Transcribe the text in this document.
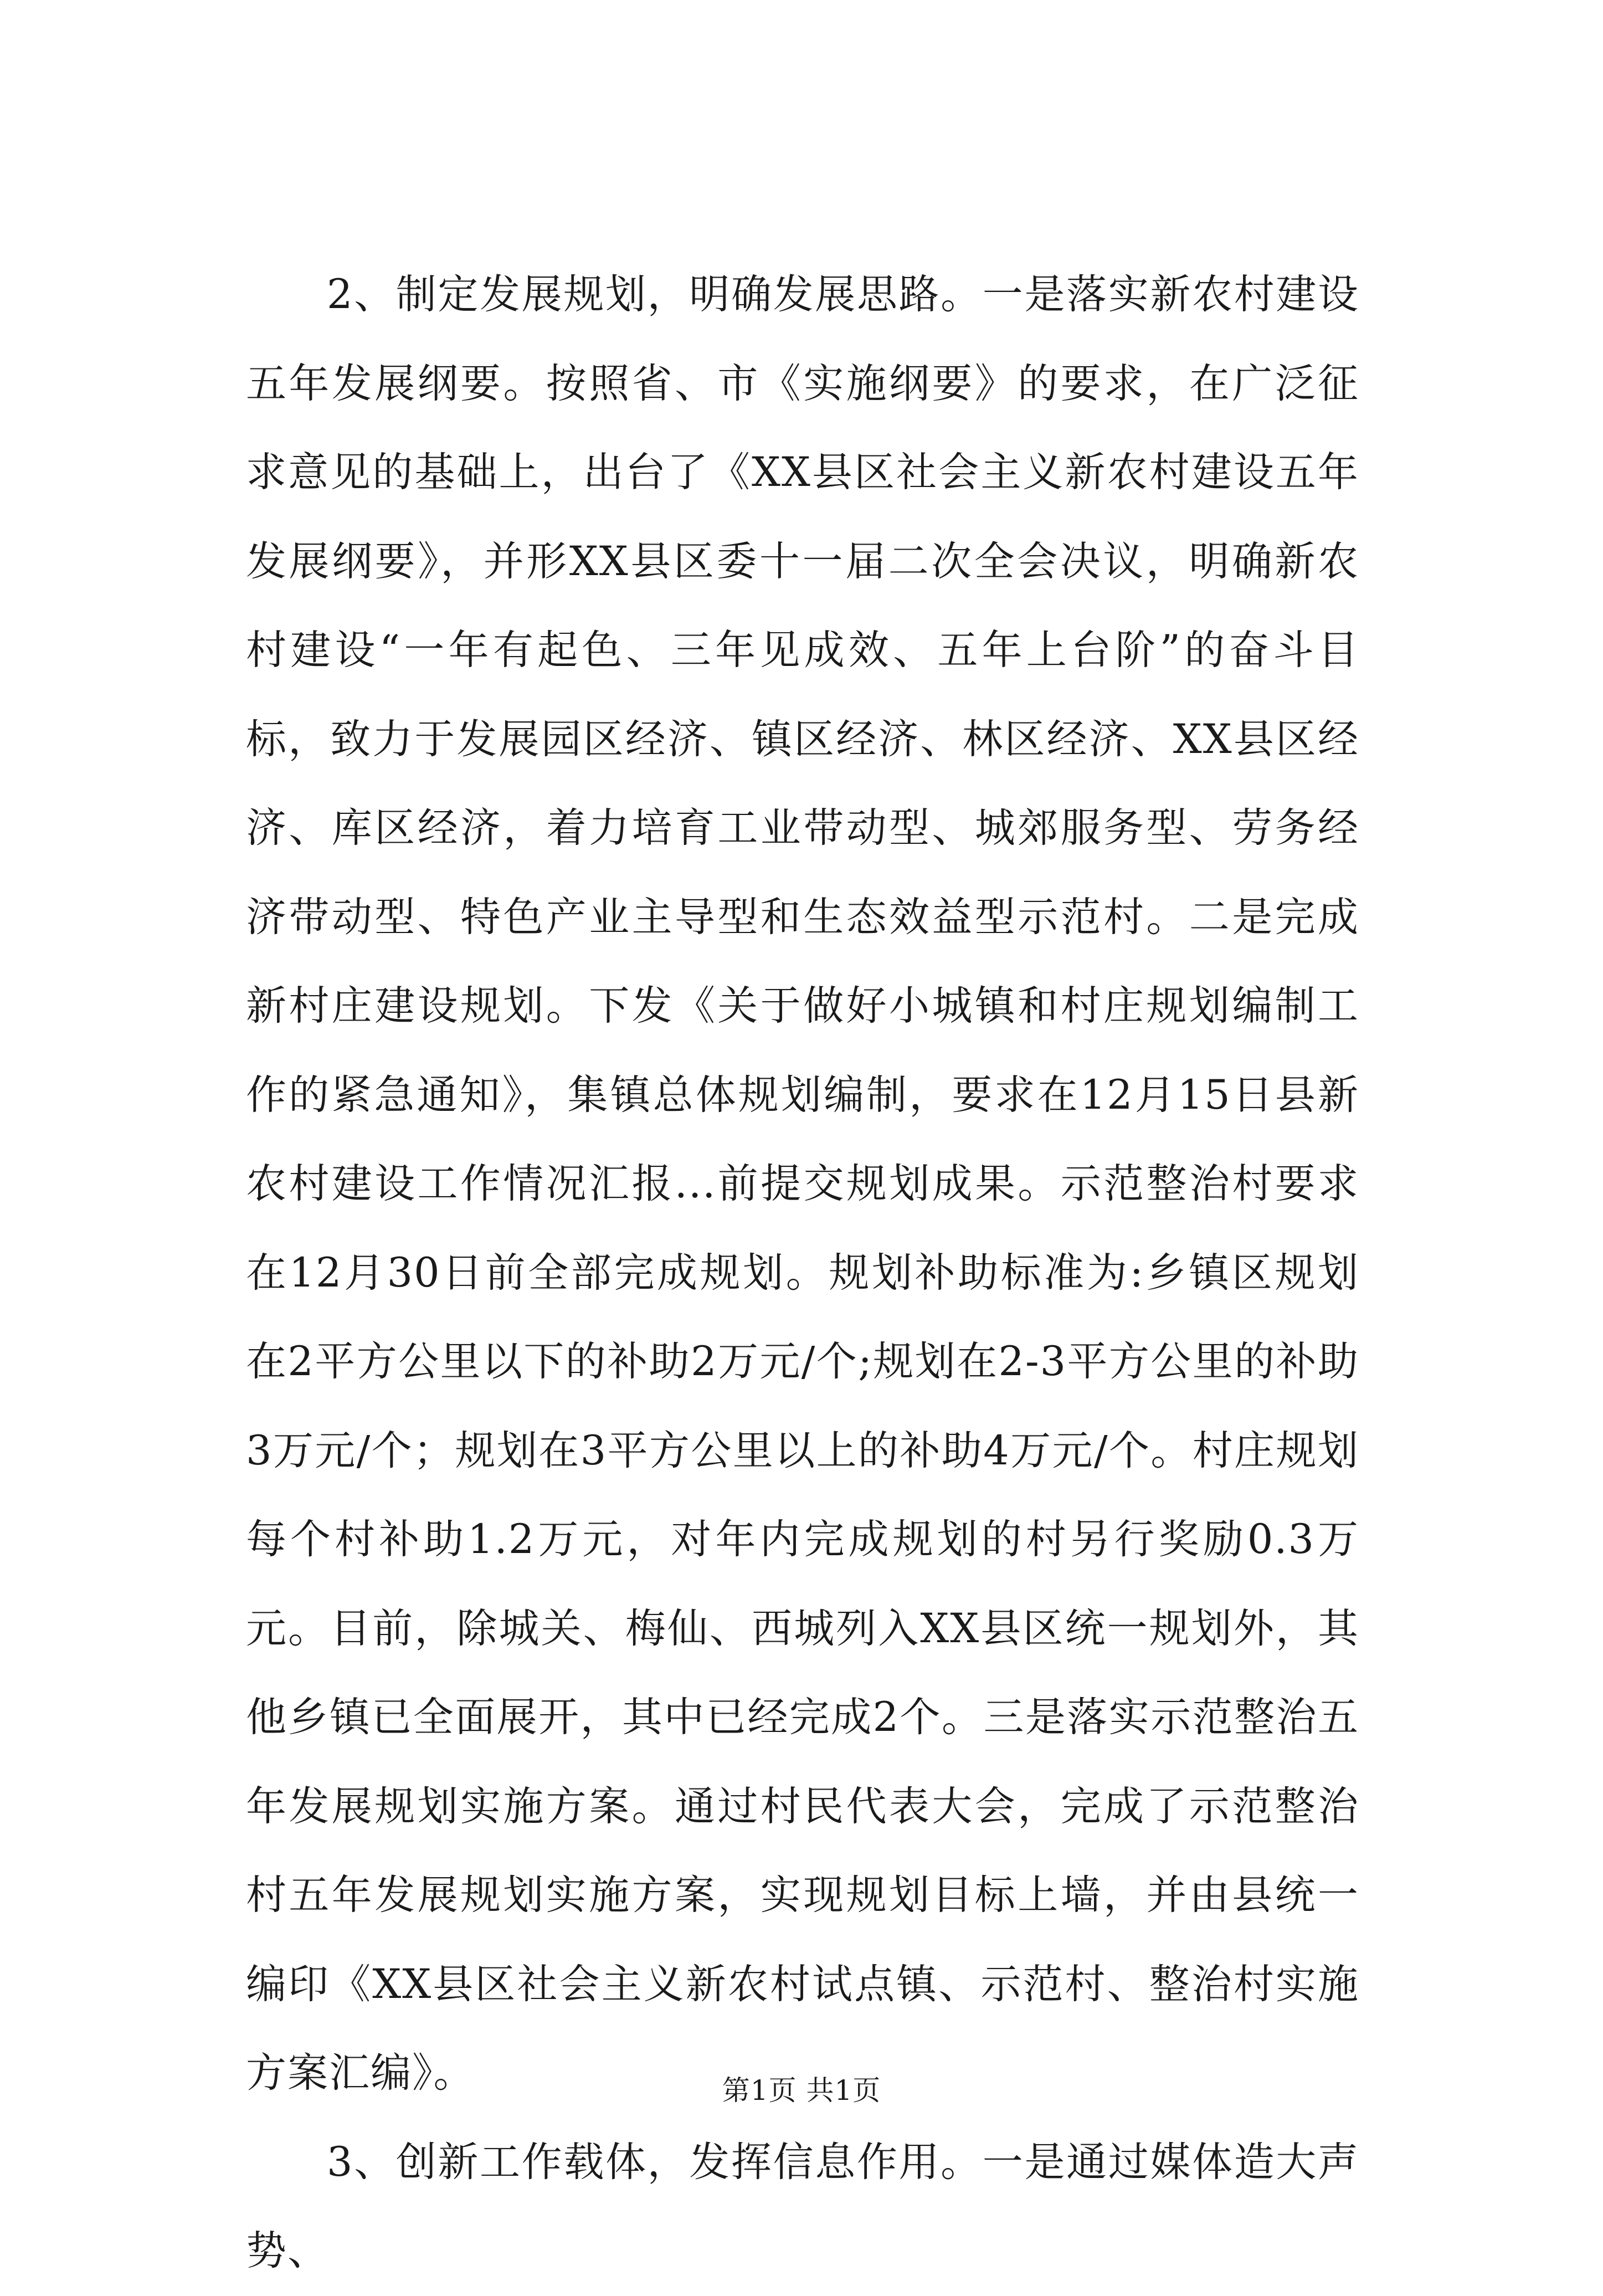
2、制定发展规划，明确发展思路。一是落实新农村建设五年发展纲要。按照省、市《实施纲要》的要求，在广泛征求意见的基础上，出台了《XX县区社会主义新农村建设五年发展纲要》，并形XX县区委十一届二次全会决议，明确新农村建设“一年有起色、三年见成效、五年上台阶”的奋斗目标，致力于发展园区经济、镇区经济、林区经济、XX县区经济、库区经济，着力培育工业带动型、城郊服务型、劳务经济带动型、特色产业主导型和生态效益型示范村。二是完成新村庄建设规划。下发《关于做好小城镇和村庄规划编制工作的紧急通知》，集镇总体规划编制，要求在12月15日县新农村建设工作情况汇报...前提交规划成果。示范整治村要求在12月30日前全部完成规划。规划补助标准为:乡镇区规划在2平方公里以下的补助2万元/个;规划在2-3平方公里的补助3万元/个；规划在3平方公里以上的补助4万元/个。村庄规划每个村补助1.2万元，对年内完成规划的村另行奖励0.3万元。目前，除城关、梅仙、西城列入XX县区统一规划外，其他乡镇已全面展开，其中已经完成2个。三是落实示范整治五年发展规划实施方案。通过村民代表大会，完成了示范整治村五年发展规划实施方案，实现规划目标上墙，并由县统一编印《XX县区社会主义新农村试点镇、示范村、整治村实施方案汇编》。

3、创新工作载体，发挥信息作用。一是通过媒体造大声势、

第1页 共1页
